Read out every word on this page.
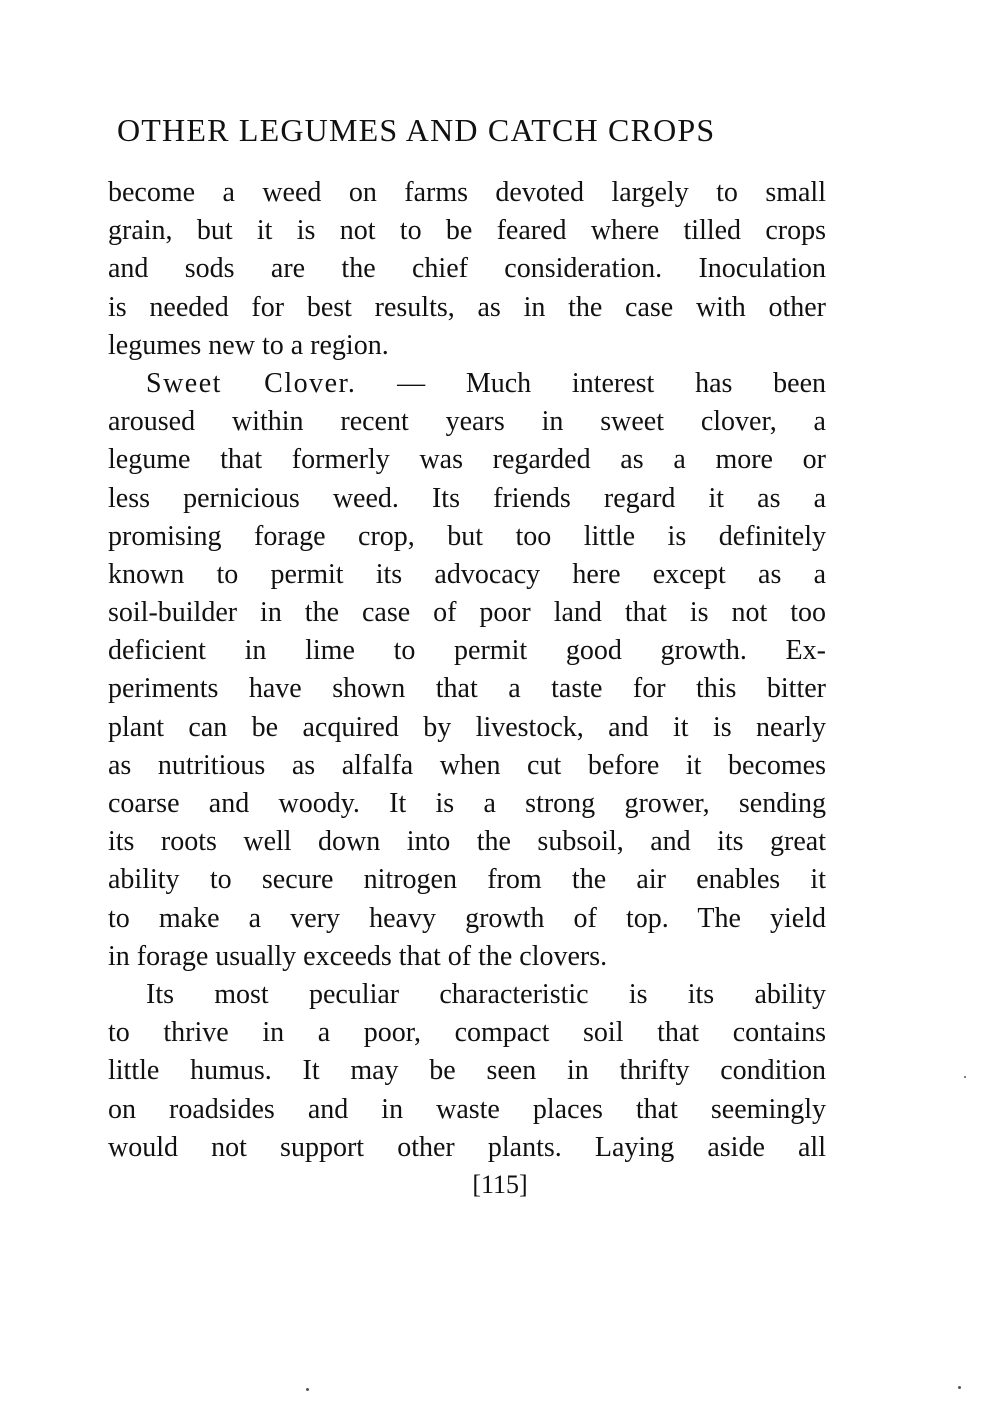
OTHER LEGUMES AND CATCH CROPS
become a weed on farms devoted largely to small
grain, but it is not to be feared where tilled crops
and sods are the chief consideration. Inoculation
is needed for best results, as in the case with other
legumes new to a region.
Sweet Clover. — Much interest has been
aroused within recent years in sweet clover, a
legume that formerly was regarded as a more or
less pernicious weed. Its friends regard it as a
promising forage crop, but too little is definitely
known to permit its advocacy here except as a
soil-builder in the case of poor land that is not too
deficient in lime to permit good growth. Ex-
periments have shown that a taste for this bitter
plant can be acquired by livestock, and it is nearly
as nutritious as alfalfa when cut before it becomes
coarse and woody. It is a strong grower, sending
its roots well down into the subsoil, and its great
ability to secure nitrogen from the air enables it
to make a very heavy growth of top. The yield
in forage usually exceeds that of the clovers.
Its most peculiar characteristic is its ability
to thrive in a poor, compact soil that contains
little humus. It may be seen in thrifty condition
on roadsides and in waste places that seemingly
would not support other plants. Laying aside all
[115]
